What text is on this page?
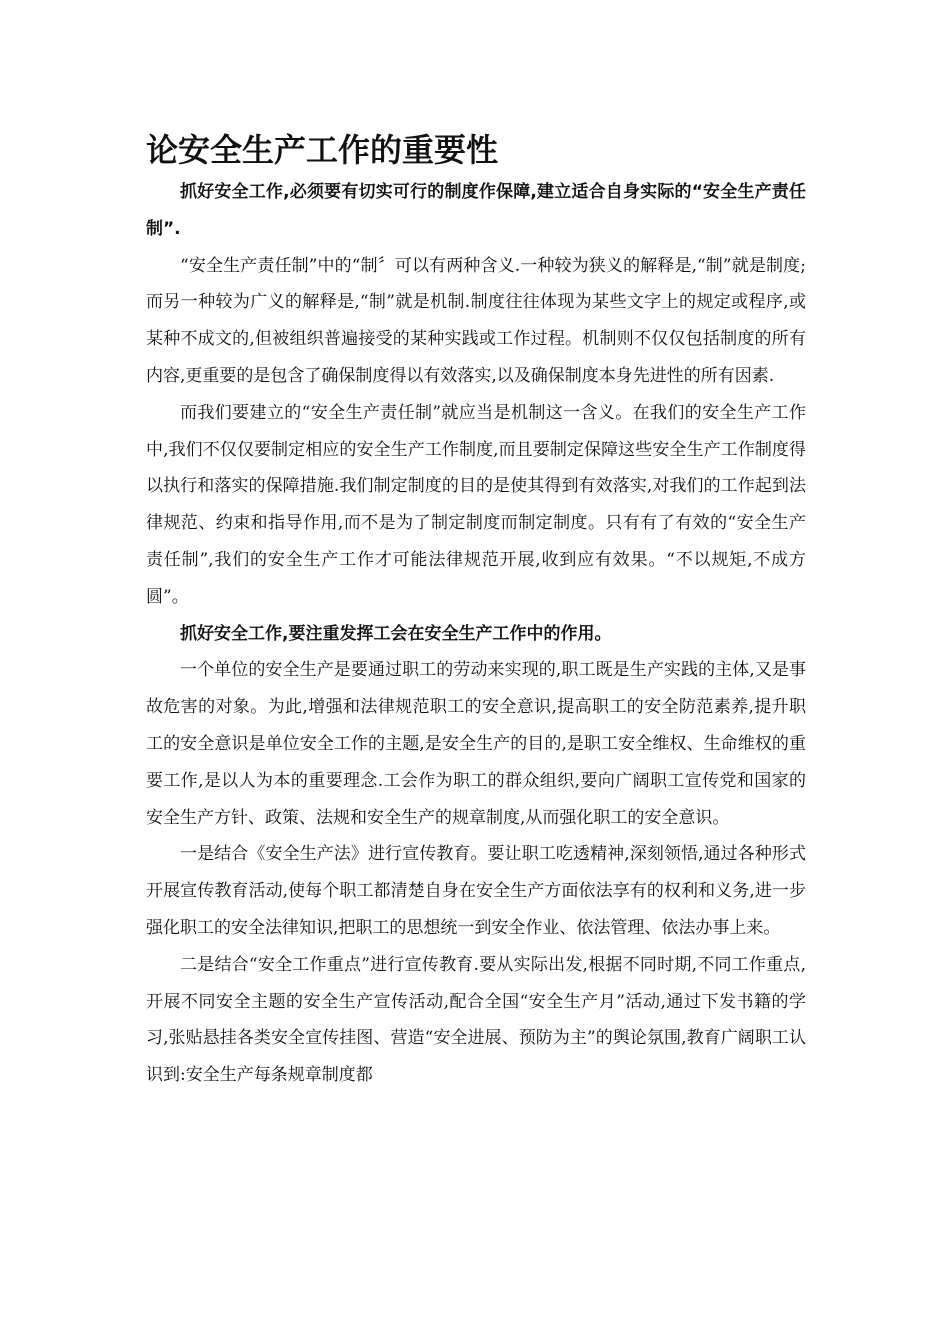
论安全生产工作的重要性

抓好安全工作,必须要有切实可行的制度作保障,建立适合自身实际的“安全生产责任制”.

“安全生产责任制”中的“制〞可以有两种含义.一种较为狭义的解释是,“制”就是制度;而另一种较为广义的解释是,“制”就是机制.制度往往体现为某些文字上的规定或程序,或某种不成文的,但被组织普遍接受的某种实践或工作过程。机制则不仅仅包括制度的所有内容,更重要的是包含了确保制度得以有效落实,以及确保制度本身先进性的所有因素.

而我们要建立的“安全生产责任制”就应当是机制这一含义。在我们的安全生产工作中,我们不仅仅要制定相应的安全生产工作制度,而且要制定保障这些安全生产工作制度得以执行和落实的保障措施.我们制定制度的目的是使其得到有效落实,对我们的工作起到法律规范、约束和指导作用,而不是为了制定制度而制定制度。只有有了有效的“安全生产责任制”,我们的安全生产工作才可能法律规范开展,收到应有效果。“不以规矩,不成方圆”。

抓好安全工作,要注重发挥工会在安全生产工作中的作用。

一个单位的安全生产是要通过职工的劳动来实现的,职工既是生产实践的主体,又是事故危害的对象。为此,增强和法律规范职工的安全意识,提高职工的安全防范素养,提升职工的安全意识是单位安全工作的主题,是安全生产的目的,是职工安全维权、生命维权的重要工作,是以人为本的重要理念.工会作为职工的群众组织,要向广阔职工宣传党和国家的安全生产方针、政策、法规和安全生产的规章制度,从而强化职工的安全意识。

一是结合《安全生产法》进行宣传教育。要让职工吃透精神,深刻领悟,通过各种形式开展宣传教育活动,使每个职工都清楚自身在安全生产方面依法享有的权利和义务,进一步强化职工的安全法律知识,把职工的思想统一到安全作业、依法管理、依法办事上来。

二是结合“安全工作重点”进行宣传教育.要从实际出发,根据不同时期,不同工作重点,开展不同安全主题的安全生产宣传活动,配合全国“安全生产月”活动,通过下发书籍的学习,张贴悬挂各类安全宣传挂图、营造“安全进展、预防为主”的舆论氛围,教育广阔职工认识到:安全生产每条规章制度都
